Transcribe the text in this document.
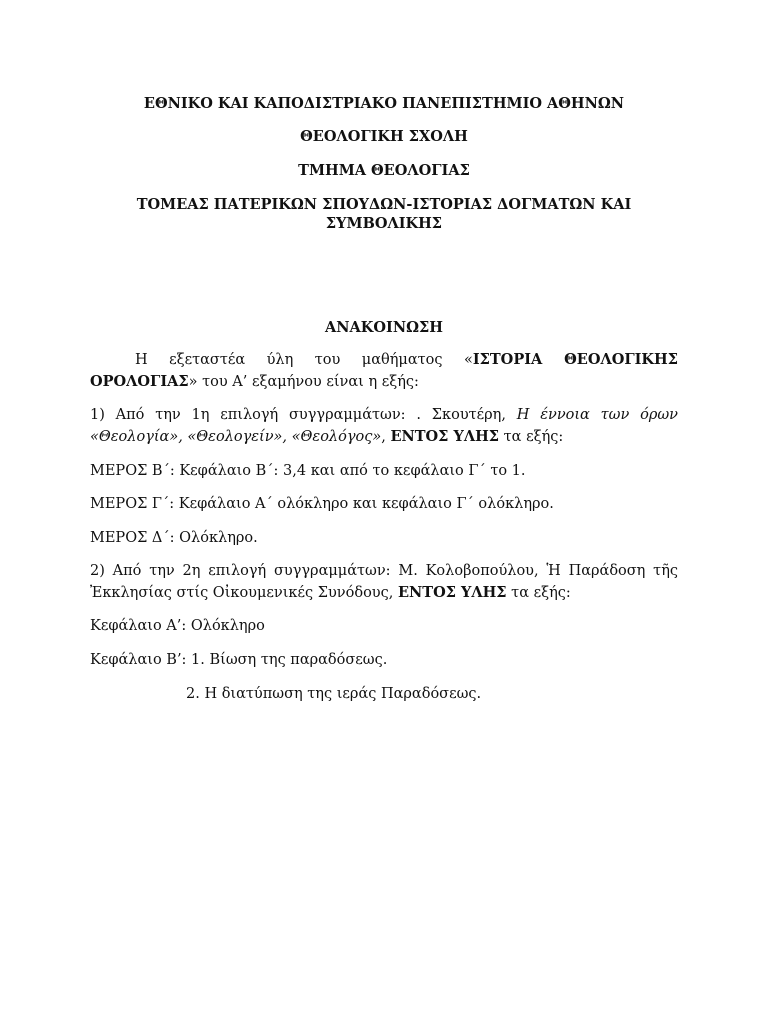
ΕΘΝΙΚΟ ΚΑΙ ΚΑΠΟΔΙΣΤΡΙΑΚΟ ΠΑΝΕΠΙΣΤΗΜΙΟ ΑΘΗΝΩΝ
ΘΕΟΛΟΓΙΚΗ ΣΧΟΛΗ
ΤΜΗΜΑ ΘΕΟΛΟΓΙΑΣ
ΤΟΜΕΑΣ ΠΑΤΕΡΙΚΩΝ ΣΠΟΥΔΩΝ-ΙΣΤΟΡΙΑΣ ΔΟΓΜΑΤΩΝ ΚΑΙ ΣΥΜΒΟΛΙΚΗΣ
ΑΝΑΚΟΙΝΩΣΗ
Η εξεταστέα ύλη του μαθήματος «ΙΣΤΟΡΙΑ ΘΕΟΛΟΓΙΚΗΣ ΟΡΟΛΟΓΙΑΣ» του Α’ εξαμήνου είναι η εξής:
1) Από την 1η επιλογή συγγραμμάτων: . Σκουτέρη, Η έννοια των όρων «Θεολογία», «Θεολογείν», «Θεολόγος», ΕΝΤΟΣ ΥΛΗΣ τα εξής:
ΜΕΡΟΣ Β΄: Κεφάλαιο Β΄: 3,4 και από το κεφάλαιο Γ΄ το 1.
ΜΕΡΟΣ Γ΄: Κεφάλαιο Α΄ ολόκληρο και κεφάλαιο Γ΄ ολόκληρο.
ΜΕΡΟΣ Δ΄: Ολόκληρο.
2) Από την 2η επιλογή συγγραμμάτων: Μ. Κολοβοπούλου, Ἡ Παράδοση τῆς Ἐκκλησίας στίς Οἰκουμενικές Συνόδους, ΕΝΤΟΣ ΥΛΗΣ τα εξής:
Κεφάλαιο Α’: Ολόκληρο
Κεφάλαιο Β’: 1. Βίωση της παραδόσεως.
2. Η διατύπωση της ιεράς Παραδόσεως.
